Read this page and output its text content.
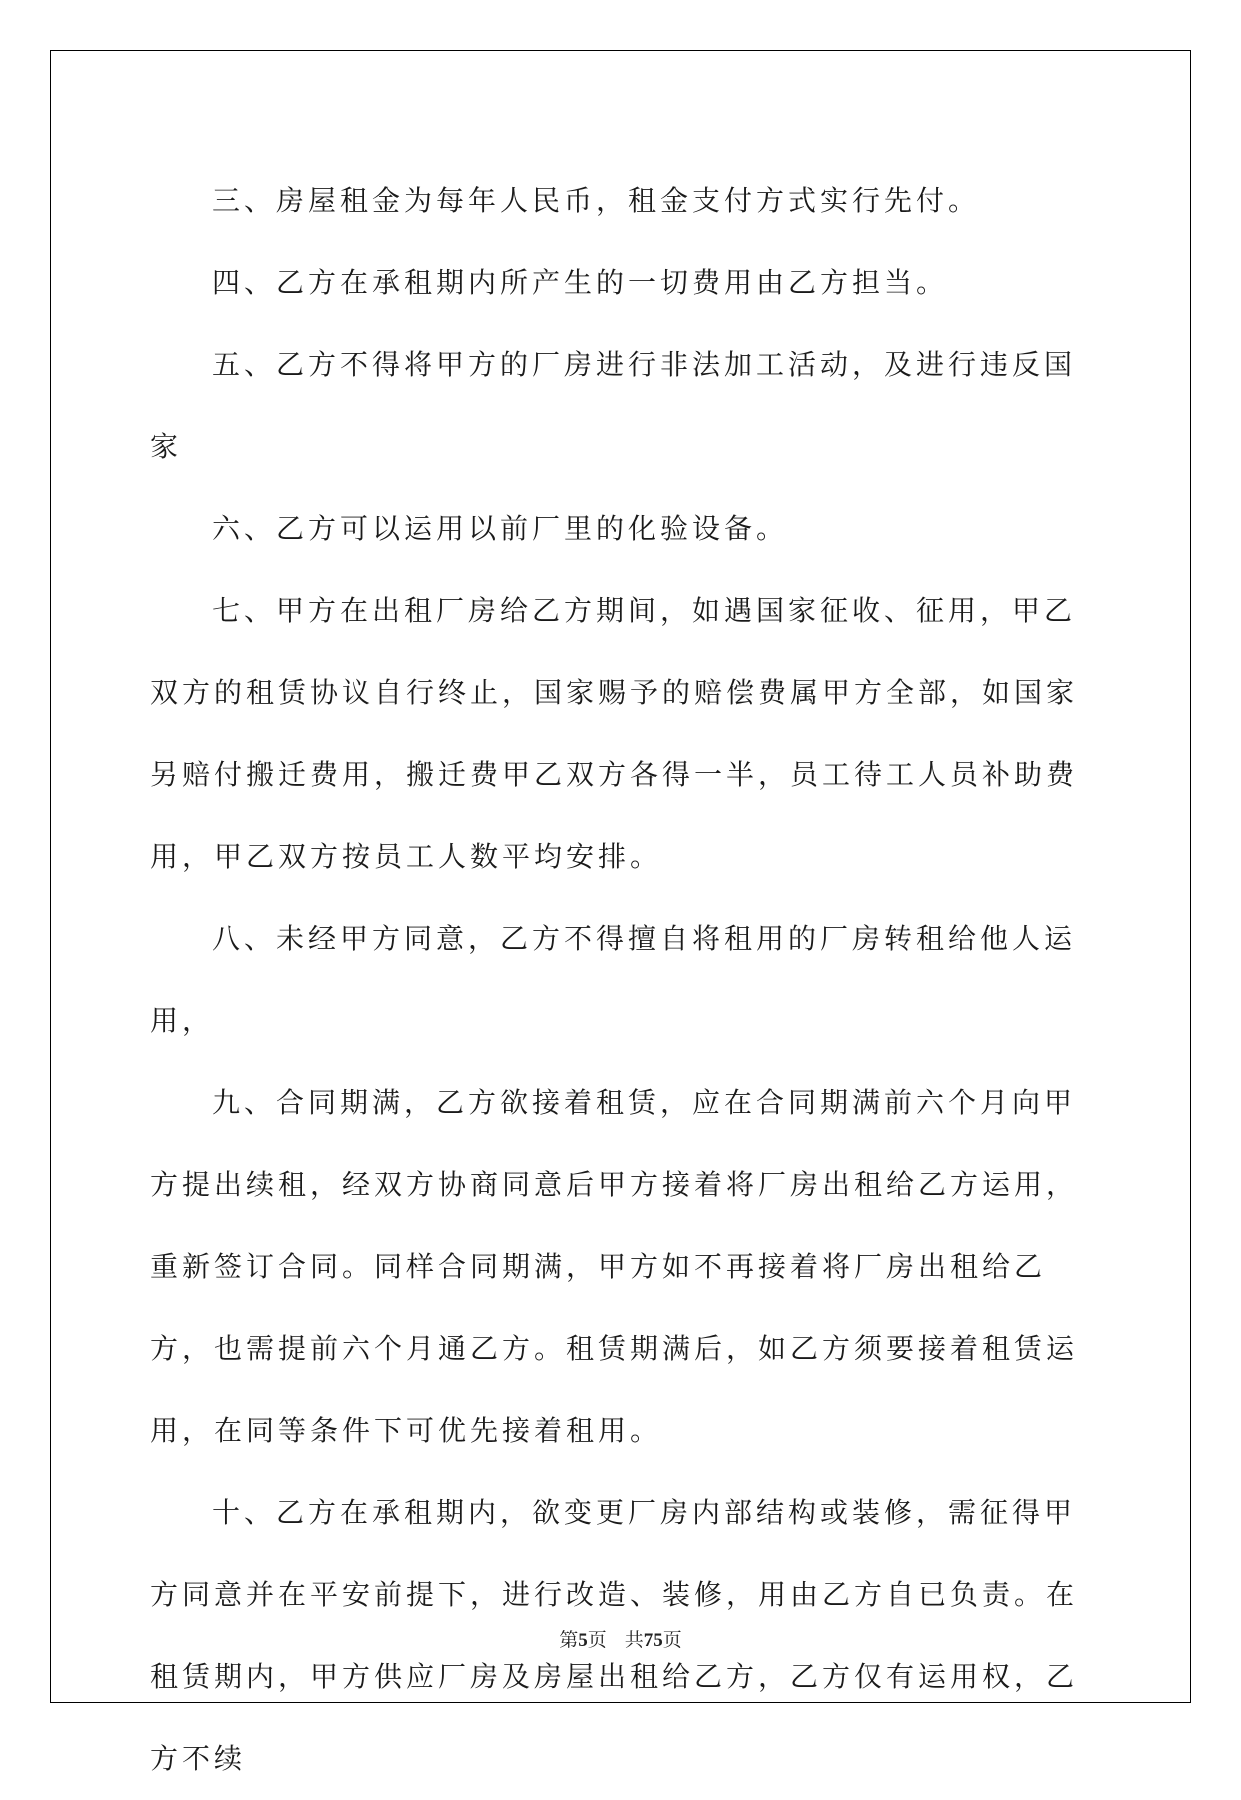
三、房屋租金为每年人民币，租金支付方式实行先付。

四、乙方在承租期内所产生的一切费用由乙方担当。

五、乙方不得将甲方的厂房进行非法加工活动，及进行违反国家

六、乙方可以运用以前厂里的化验设备。

七、甲方在出租厂房给乙方期间，如遇国家征收、征用，甲乙双方的租赁协议自行终止，国家赐予的赔偿费属甲方全部，如国家另赔付搬迁费用，搬迁费甲乙双方各得一半，员工待工人员补助费用，甲乙双方按员工人数平均安排。

八、未经甲方同意，乙方不得擅自将租用的厂房转租给他人运用，

九、合同期满，乙方欲接着租赁，应在合同期满前六个月向甲方提出续租，经双方协商同意后甲方接着将厂房出租给乙方运用，重新签订合同。同样合同期满，甲方如不再接着将厂房出租给乙方，也需提前六个月通乙方。租赁期满后，如乙方须要接着租赁运用，在同等条件下可优先接着租用。

十、乙方在承租期内，欲变更厂房内部结构或装修，需征得甲方同意并在平安前提下，进行改造、装修，用由乙方自已负责。在租赁期内，甲方供应厂房及房屋出租给乙方，乙方仅有运用权，乙方不续

第5页 共75页
